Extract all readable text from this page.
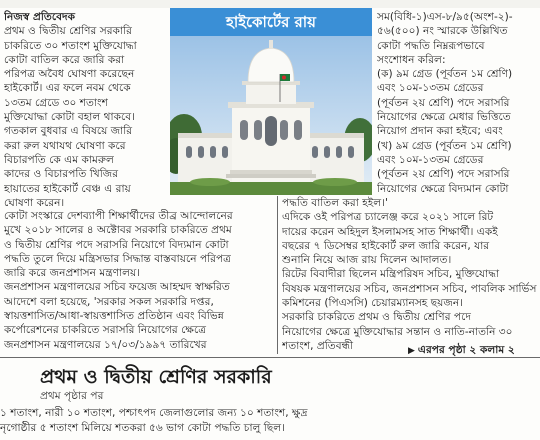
নিজস্ব প্রতিবেদক
প্রথম ও দ্বিতীয় শ্রেণির সরকারি
চাকরিতে ৩০ শতাংশ মুক্তিযোদ্ধা
কোটা বাতিল করে জারি করা
পরিপত্র অবৈধ ঘোষণা করেছেন
হাইকোর্ট। এর ফলে নবম থেকে
১৩তম গ্রেডে ৩০ শতাংশ
মুক্তিযোদ্ধা কোটা বহাল থাকবে।
গতকাল বুধবার এ বিষয়ে জারি
করা রুল যথাযথ ঘোষণা করে
বিচারপতি কে এম কামরুল
কাদের ও বিচারপতি খিজির
হায়াতের হাইকোর্ট বেঞ্চ এ রায়
ঘোষণা করেন।
হাইকোর্টের রায়	সম(বিধি-১)এস-৮/৯৫(অংশ-২)-
৫৬(৫০০) নং স্মারকে উল্লিখিত
কোটা পদ্ধতি নিম্নরূপভাবে
সংশোধন করিল:
(ক) ৯ম গ্রেড (পূর্বতন ১ম শ্রেণি)
এবং ১০ম-১৩তম গ্রেডের
(পূর্বতন ২য় শ্রেণি) পদে সরাসরি
নিয়োগের ক্ষেত্রে মেধার ভিত্তিতে
নিয়োগ প্রদান করা হইবে; এবং
(খ) ৯ম গ্রেড (পূর্বতন ১ম শ্রেণি)
এবং ১০ম-১৩তম গ্রেডের
(পূর্বতন ২য় শ্রেণি) পদে সরাসরি
নিয়োগের ক্ষেত্রে বিদ্যমান কোটা
কোটা সংস্কারে দেশব্যাপী শিক্ষার্থীদের তীব্র আন্দোলনের
মুখে ২০১৮ সালের ৪ অক্টোবর সরকারি চাকরিতে প্রথম
ও দ্বিতীয় শ্রেণির পদে সরাসরি নিয়োগে বিদ্যমান কোটা
পদ্ধতি তুলে দিয়ে মন্ত্রিসভার সিদ্ধান্ত বাস্তবায়নে পরিপত্র
জারি করে জনপ্রশাসন মন্ত্রণালয়।
জনপ্রশাসন মন্ত্রণালয়ের সচিব ফয়েজ আহম্মদ স্বাক্ষরিত
আদেশে বলা হয়েছে, 'সরকার সকল সরকারি দপ্তর,
স্বায়ত্তশাসিত/আধা-স্বায়ত্তশাসিত প্রতিষ্ঠান এবং বিভিন্ন
কর্পোরেশনের চাকরিতে সরাসরি নিয়োগের ক্ষেত্রে
জনপ্রশাসন মন্ত্রণালয়ের ১৭/০৩/১৯৯৭ তারিখের
পদ্ধতি বাতিল করা হইল।'
এদিকে ওই পরিপত্র চ্যালেঞ্জ করে ২০২১ সালে রিট
দায়ের করেন অহিদুল ইসলামসহ সাত শিক্ষার্থী। একই
বছরের ৭ ডিসেম্বর হাইকোর্ট রুল জারি করেন, যার
শুনানি নিয়ে আজ রায় দিলেন আদালত।
রিটের বিবাদীরা ছিলেন মন্ত্রিপরিষদ সচিব, মুক্তিযোদ্ধা
বিষয়ক মন্ত্রণালয়ের সচিব, জনপ্রশাসন সচিব, পাবলিক সার্ভিস
কমিশনের (পিএসসি) চেয়ারম্যানসহ ছয়জন।
সরকারি চাকরিতে প্রথম ও দ্বিতীয় শ্রেণির পদে
নিয়োগের ক্ষেত্রে মুক্তিযোদ্ধার সন্তান ও নাতি-নাতনি ৩০
শতাংশ, প্রতিবন্ধী	▶ এরপর পৃষ্ঠা ২ কলাম ২
প্রথম ও দ্বিতীয় শ্রেণির সরকারি
প্রথম পৃষ্ঠার পর
১ শতাংশ, নারী ১০ শতাংশ, পশ্চাৎপদ জেলাগুলোর জন্য ১০ শতাংশ, ক্ষুদ্র
নৃগোষ্ঠীর ৫ শতাংশ মিলিয়ে শতকরা ৫৬ ভাগ কোটা পদ্ধতি চালু ছিল।
